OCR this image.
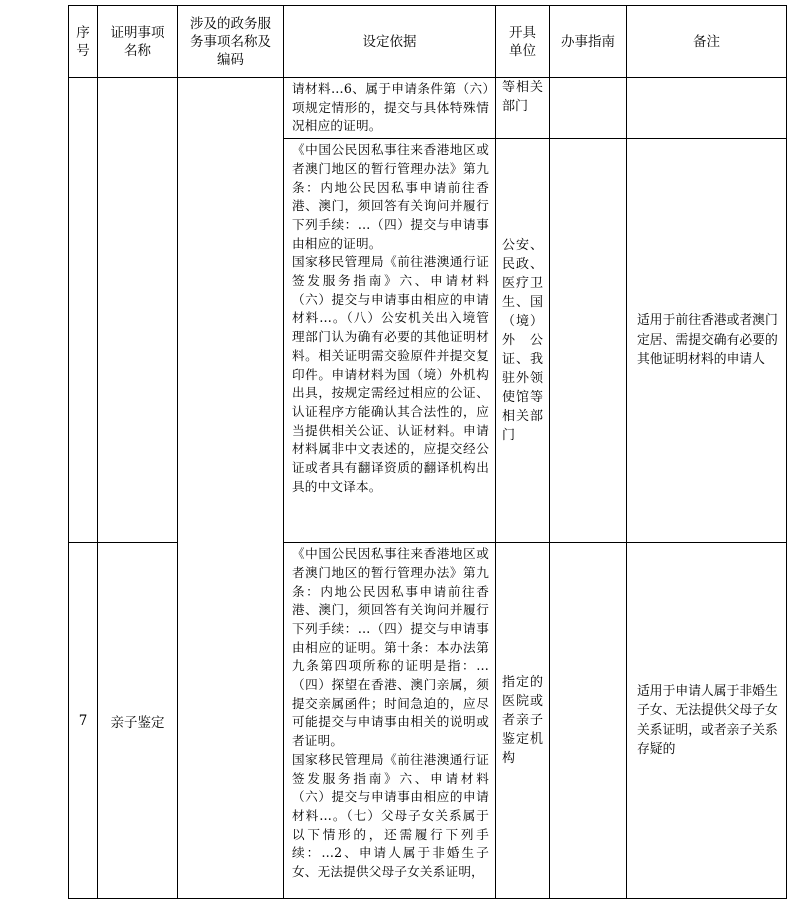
序号	证明事项名称	涉及的政务服务事项名称及编码	设定依据	开具单位	办事指南	备注

			请材料…6、属于申请条件第（六）项规定情形的，提交与具体特殊情况相应的证明。	等相关部门		

			《中国公民因私事往来香港地区或者澳门地区的暂行管理办法》第九条：内地公民因私事申请前往香港、澳门，须回答有关询问并履行下列手续：…（四）提交与申请事由相应的证明。
国家移民管理局《前往港澳通行证签发服务指南》六、申请材料（六）提交与申请事由相应的申请材料…。（八）公安机关出入境管理部门认为确有必要的其他证明材料。相关证明需交验原件并提交复印件。申请材料为国（境）外机构出具，按规定需经过相应的公证、认证程序方能确认其合法性的，应当提供相关公证、认证材料。申请材料属非中文表述的，应提交经公证或者具有翻译资质的翻译机构出具的中文译本。	公安、民政、医疗卫生、国（境）外公证、我驻外领使馆等相关部门		适用于前往香港或者澳门定居、需提交确有必要的其他证明材料的申请人
7	亲子鉴定		《中国公民因私事往来香港地区或者澳门地区的暂行管理办法》第九条：内地公民因私事申请前往香港、澳门，须回答有关询问并履行下列手续：…（四）提交与申请事由相应的证明。第十条：本办法第九条第四项所称的证明是指：…（四）探望在香港、澳门亲属，须提交亲属函件；时间急迫的，应尽可能提交与申请事由相关的说明或者证明。
国家移民管理局《前往港澳通行证签发服务指南》六、申请材料（六）提交与申请事由相应的申请材料…。（七）父母子女关系属于以下情形的，还需履行下列手续：…2、申请人属于非婚生子女、无法提供父母子女关系证明，	指定的医院或者亲子鉴定机构		适用于申请人属于非婚生子女、无法提供父母子女关系证明，或者亲子关系存疑的
